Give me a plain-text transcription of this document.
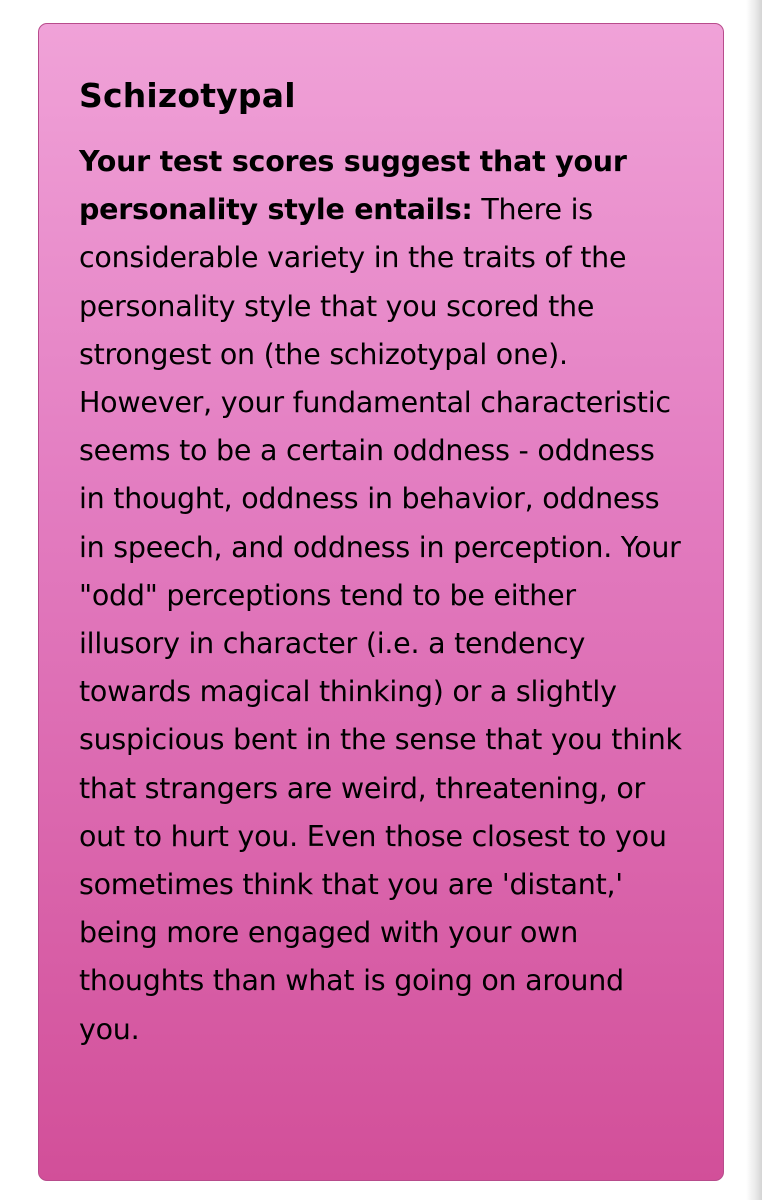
Schizotypal

Your test scores suggest that your personality style entails: There is considerable variety in the traits of the personality style that you scored the strongest on (the schizotypal one). However, your fundamental characteristic seems to be a certain oddness - oddness in thought, oddness in behavior, oddness in speech, and oddness in perception. Your "odd" perceptions tend to be either illusory in character (i.e. a tendency towards magical thinking) or a slightly suspicious bent in the sense that you think that strangers are weird, threatening, or out to hurt you. Even those closest to you sometimes think that you are 'distant,' being more engaged with your own thoughts than what is going on around you.
